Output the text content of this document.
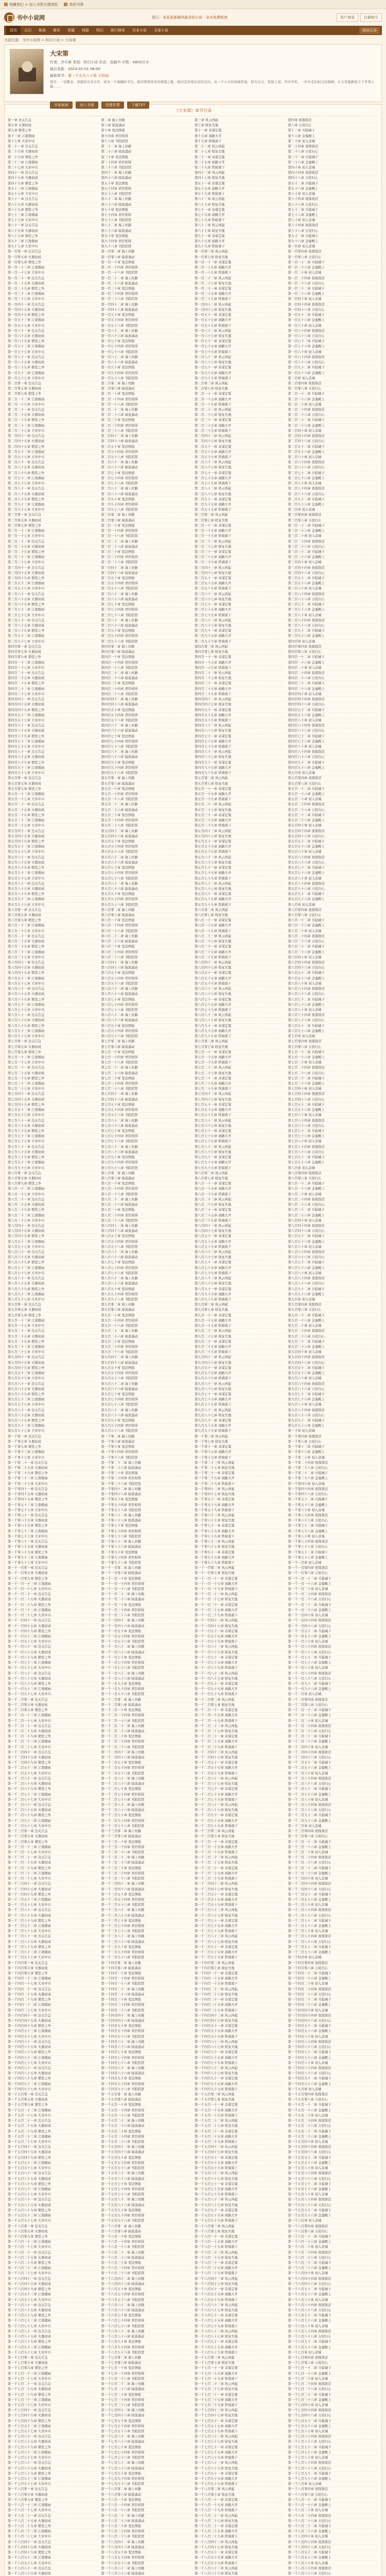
收藏我们 + 加入书签方便浏览	我的书架
书中小说网	提示：本站更新最快最全的小说 · 全本免费阅读	用户登录	注册账号
首页	玄幻	修真	都市	穿越	网游	科幻	排行榜单	完本小说	全部小说	阅读记录
当前位置：书中小说网 > 科幻小说 > 大宋第
大宋第
作者：冷月寒 类别：科幻小说 状态：连载中 字数：4803万字
最后更新：2024-01-01 08:00
最新章节：第一千五百八十章 大结局
简介：一觉醒来，穿越到北宋末年，成为一个落魄的书生。面对即将到来的靖康之耻，他决定改变历史的走向。从一个小小的县城开始，招兵买马，发展工商，开办学堂，一步步走向权力的巅峰，让大宋重新屹立于世界之巅……
开始阅读	加入书架	投推荐票	下载TXT
《大宋第》章节目录
第一章 边关告急	第二章 海上丝路	第三章 风云再起	第四章 夜探敌营
第五章 火器初成	第六章 暗流涌动	第七章 收复失地	第八章 万民归心
第九章 朝堂之争	第十章 变法图强	第十一章 奇谋定策	第十二章 兵临城下
第十三章 江南烟雨	第十四章 君臣相得	第十五章 商路大开	第十六章 金銮殿上
第十七章 大宋中兴	第十八章 书院招贤	第十九章 铁骑南下	第二十章 初入京城
第二十一章 边关告急	第二十二章 海上丝路	第二十三章 风云再起	第二十四章 夜探敌营
第二十五章 火器初成	第二十六章 暗流涌动	第二十七章 收复失地	第二十八章 万民归心
第二十九章 朝堂之争	第三十章 变法图强	第三十一章 奇谋定策	第三十二章 兵临城下
第三十三章 江南烟雨	第三十四章 君臣相得	第三十五章 商路大开	第三十六章 金銮殿上
第三十七章 大宋中兴	第三十八章 书院招贤	第三十九章 铁骑南下	第四十章 初入京城
第四十一章 边关告急	第四十二章 海上丝路	第四十三章 风云再起	第四十四章 夜探敌营
第四十五章 火器初成	第四十六章 暗流涌动	第四十七章 收复失地	第四十八章 万民归心
第四十九章 朝堂之争	第五十章 变法图强	第五十一章 奇谋定策	第五十二章 兵临城下
第五十三章 江南烟雨	第五十四章 君臣相得	第五十五章 商路大开	第五十六章 金銮殿上
第五十七章 大宋中兴	第五十八章 书院招贤	第五十九章 铁骑南下	第六十章 初入京城
第六十一章 边关告急	第六十二章 海上丝路	第六十三章 风云再起	第六十四章 夜探敌营
第六十五章 火器初成	第六十六章 暗流涌动	第六十七章 收复失地	第六十八章 万民归心
第六十九章 朝堂之争	第七十章 变法图强	第七十一章 奇谋定策	第七十二章 兵临城下
第七十三章 江南烟雨	第七十四章 君臣相得	第七十五章 商路大开	第七十六章 金銮殿上
第七十七章 大宋中兴	第七十八章 书院招贤	第七十九章 铁骑南下	第八十章 初入京城
第八十一章 边关告急	第八十二章 海上丝路	第八十三章 风云再起	第八十四章 夜探敌营
第八十五章 火器初成	第八十六章 暗流涌动	第八十七章 收复失地	第八十八章 万民归心
第八十九章 朝堂之争	第九十章 变法图强	第九十一章 奇谋定策	第九十二章 兵临城下
第九十三章 江南烟雨	第九十四章 君臣相得	第九十五章 商路大开	第九十六章 金銮殿上
第九十七章 大宋中兴	第九十八章 书院招贤	第九十九章 铁骑南下	第一百章 初入京城
第一百零一章 边关告急	第一百零二章 海上丝路	第一百零三章 风云再起	第一百零四章 夜探敌营
第一百零五章 火器初成	第一百零六章 暗流涌动	第一百零七章 收复失地	第一百零八章 万民归心
第一百零九章 朝堂之争	第一百一十章 变法图强	第一百一十一章 奇谋定策	第一百一十二章 兵临城下
第一百一十三章 江南烟雨	第一百一十四章 君臣相得	第一百一十五章 商路大开	第一百一十六章 金銮殿上
第一百一十七章 大宋中兴	第一百一十八章 书院招贤	第一百一十九章 铁骑南下	第一百二十章 初入京城
第一百二十一章 边关告急	第一百二十二章 海上丝路	第一百二十三章 风云再起	第一百二十四章 夜探敌营
第一百二十五章 火器初成	第一百二十六章 暗流涌动	第一百二十七章 收复失地	第一百二十八章 万民归心
第一百二十九章 朝堂之争	第一百三十章 变法图强	第一百三十一章 奇谋定策	第一百三十二章 兵临城下
第一百三十三章 江南烟雨	第一百三十四章 君臣相得	第一百三十五章 商路大开	第一百三十六章 金銮殿上
第一百三十七章 大宋中兴	第一百三十八章 书院招贤	第一百三十九章 铁骑南下	第一百四十章 初入京城
第一百四十一章 边关告急	第一百四十二章 海上丝路	第一百四十三章 风云再起	第一百四十四章 夜探敌营
第一百四十五章 火器初成	第一百四十六章 暗流涌动	第一百四十七章 收复失地	第一百四十八章 万民归心
第一百四十九章 朝堂之争	第一百五十章 变法图强	第一百五十一章 奇谋定策	第一百五十二章 兵临城下
第一百五十三章 江南烟雨	第一百五十四章 君臣相得	第一百五十五章 商路大开	第一百五十六章 金銮殿上
第一百五十七章 大宋中兴	第一百五十八章 书院招贤	第一百五十九章 铁骑南下	第一百六十章 初入京城
第一百六十一章 边关告急	第一百六十二章 海上丝路	第一百六十三章 风云再起	第一百六十四章 夜探敌营
第一百六十五章 火器初成	第一百六十六章 暗流涌动	第一百六十七章 收复失地	第一百六十八章 万民归心
第一百六十九章 朝堂之争	第一百七十章 变法图强	第一百七十一章 奇谋定策	第一百七十二章 兵临城下
第一百七十三章 江南烟雨	第一百七十四章 君臣相得	第一百七十五章 商路大开	第一百七十六章 金銮殿上
第一百七十七章 大宋中兴	第一百七十八章 书院招贤	第一百七十九章 铁骑南下	第一百八十章 初入京城
第一百八十一章 边关告急	第一百八十二章 海上丝路	第一百八十三章 风云再起	第一百八十四章 夜探敌营
第一百八十五章 火器初成	第一百八十六章 暗流涌动	第一百八十七章 收复失地	第一百八十八章 万民归心
第一百八十九章 朝堂之争	第一百九十章 变法图强	第一百九十一章 奇谋定策	第一百九十二章 兵临城下
第一百九十三章 江南烟雨	第一百九十四章 君臣相得	第一百九十五章 商路大开	第一百九十六章 金銮殿上
第一百九十七章 大宋中兴	第一百九十八章 书院招贤	第一百九十九章 铁骑南下	第二百章 初入京城
第二百零一章 边关告急	第二百零二章 海上丝路	第二百零三章 风云再起	第二百零四章 夜探敌营
第二百零五章 火器初成	第二百零六章 暗流涌动	第二百零七章 收复失地	第二百零八章 万民归心
第二百零九章 朝堂之争	第二百一十章 变法图强	第二百一十一章 奇谋定策	第二百一十二章 兵临城下
第二百一十三章 江南烟雨	第二百一十四章 君臣相得	第二百一十五章 商路大开	第二百一十六章 金銮殿上
第二百一十七章 大宋中兴	第二百一十八章 书院招贤	第二百一十九章 铁骑南下	第二百二十章 初入京城
第二百二十一章 边关告急	第二百二十二章 海上丝路	第二百二十三章 风云再起	第二百二十四章 夜探敌营
第二百二十五章 火器初成	第二百二十六章 暗流涌动	第二百二十七章 收复失地	第二百二十八章 万民归心
第二百二十九章 朝堂之争	第二百三十章 变法图强	第二百三十一章 奇谋定策	第二百三十二章 兵临城下
第二百三十三章 江南烟雨	第二百三十四章 君臣相得	第二百三十五章 商路大开	第二百三十六章 金銮殿上
第二百三十七章 大宋中兴	第二百三十八章 书院招贤	第二百三十九章 铁骑南下	第二百四十章 初入京城
第二百四十一章 边关告急	第二百四十二章 海上丝路	第二百四十三章 风云再起	第二百四十四章 夜探敌营
第二百四十五章 火器初成	第二百四十六章 暗流涌动	第二百四十七章 收复失地	第二百四十八章 万民归心
第二百四十九章 朝堂之争	第二百五十章 变法图强	第二百五十一章 奇谋定策	第二百五十二章 兵临城下
第二百五十三章 江南烟雨	第二百五十四章 君臣相得	第二百五十五章 商路大开	第二百五十六章 金銮殿上
第二百五十七章 大宋中兴	第二百五十八章 书院招贤	第二百五十九章 铁骑南下	第二百六十章 初入京城
第二百六十一章 边关告急	第二百六十二章 海上丝路	第二百六十三章 风云再起	第二百六十四章 夜探敌营
第二百六十五章 火器初成	第二百六十六章 暗流涌动	第二百六十七章 收复失地	第二百六十八章 万民归心
第二百六十九章 朝堂之争	第二百七十章 变法图强	第二百七十一章 奇谋定策	第二百七十二章 兵临城下
第二百七十三章 江南烟雨	第二百七十四章 君臣相得	第二百七十五章 商路大开	第二百七十六章 金銮殿上
第二百七十七章 大宋中兴	第二百七十八章 书院招贤	第二百七十九章 铁骑南下	第二百八十章 初入京城
第二百八十一章 边关告急	第二百八十二章 海上丝路	第二百八十三章 风云再起	第二百八十四章 夜探敌营
第二百八十五章 火器初成	第二百八十六章 暗流涌动	第二百八十七章 收复失地	第二百八十八章 万民归心
第二百八十九章 朝堂之争	第二百九十章 变法图强	第二百九十一章 奇谋定策	第二百九十二章 兵临城下
第二百九十三章 江南烟雨	第二百九十四章 君臣相得	第二百九十五章 商路大开	第二百九十六章 金銮殿上
第二百九十七章 大宋中兴	第二百九十八章 书院招贤	第二百九十九章 铁骑南下	第三百章 初入京城
第三百零一章 边关告急	第三百零二章 海上丝路	第三百零三章 风云再起	第三百零四章 夜探敌营
第三百零五章 火器初成	第三百零六章 暗流涌动	第三百零七章 收复失地	第三百零八章 万民归心
第三百零九章 朝堂之争	第三百一十章 变法图强	第三百一十一章 奇谋定策	第三百一十二章 兵临城下
第三百一十三章 江南烟雨	第三百一十四章 君臣相得	第三百一十五章 商路大开	第三百一十六章 金銮殿上
第三百一十七章 大宋中兴	第三百一十八章 书院招贤	第三百一十九章 铁骑南下	第三百二十章 初入京城
第三百二十一章 边关告急	第三百二十二章 海上丝路	第三百二十三章 风云再起	第三百二十四章 夜探敌营
第三百二十五章 火器初成	第三百二十六章 暗流涌动	第三百二十七章 收复失地	第三百二十八章 万民归心
第三百二十九章 朝堂之争	第三百三十章 变法图强	第三百三十一章 奇谋定策	第三百三十二章 兵临城下
第三百三十三章 江南烟雨	第三百三十四章 君臣相得	第三百三十五章 商路大开	第三百三十六章 金銮殿上
第三百三十七章 大宋中兴	第三百三十八章 书院招贤	第三百三十九章 铁骑南下	第三百四十章 初入京城
第三百四十一章 边关告急	第三百四十二章 海上丝路	第三百四十三章 风云再起	第三百四十四章 夜探敌营
第三百四十五章 火器初成	第三百四十六章 暗流涌动	第三百四十七章 收复失地	第三百四十八章 万民归心
第三百四十九章 朝堂之争	第三百五十章 变法图强	第三百五十一章 奇谋定策	第三百五十二章 兵临城下
第三百五十三章 江南烟雨	第三百五十四章 君臣相得	第三百五十五章 商路大开	第三百五十六章 金銮殿上
第三百五十七章 大宋中兴	第三百五十八章 书院招贤	第三百五十九章 铁骑南下	第三百六十章 初入京城
第三百六十一章 边关告急	第三百六十二章 海上丝路	第三百六十三章 风云再起	第三百六十四章 夜探敌营
第三百六十五章 火器初成	第三百六十六章 暗流涌动	第三百六十七章 收复失地	第三百六十八章 万民归心
第三百六十九章 朝堂之争	第三百七十章 变法图强	第三百七十一章 奇谋定策	第三百七十二章 兵临城下
第三百七十三章 江南烟雨	第三百七十四章 君臣相得	第三百七十五章 商路大开	第三百七十六章 金銮殿上
第三百七十七章 大宋中兴	第三百七十八章 书院招贤	第三百七十九章 铁骑南下	第三百八十章 初入京城
第三百八十一章 边关告急	第三百八十二章 海上丝路	第三百八十三章 风云再起	第三百八十四章 夜探敌营
第三百八十五章 火器初成	第三百八十六章 暗流涌动	第三百八十七章 收复失地	第三百八十八章 万民归心
第三百八十九章 朝堂之争	第三百九十章 变法图强	第三百九十一章 奇谋定策	第三百九十二章 兵临城下
第三百九十三章 江南烟雨	第三百九十四章 君臣相得	第三百九十五章 商路大开	第三百九十六章 金銮殿上
第三百九十七章 大宋中兴	第三百九十八章 书院招贤	第三百九十九章 铁骑南下	第四百章 初入京城
第四百零一章 边关告急	第四百零二章 海上丝路	第四百零三章 风云再起	第四百零四章 夜探敌营
第四百零五章 火器初成	第四百零六章 暗流涌动	第四百零七章 收复失地	第四百零八章 万民归心
第四百零九章 朝堂之争	第四百一十章 变法图强	第四百一十一章 奇谋定策	第四百一十二章 兵临城下
第四百一十三章 江南烟雨	第四百一十四章 君臣相得	第四百一十五章 商路大开	第四百一十六章 金銮殿上
第四百一十七章 大宋中兴	第四百一十八章 书院招贤	第四百一十九章 铁骑南下	第四百二十章 初入京城
第四百二十一章 边关告急	第四百二十二章 海上丝路	第四百二十三章 风云再起	第四百二十四章 夜探敌营
第四百二十五章 火器初成	第四百二十六章 暗流涌动	第四百二十七章 收复失地	第四百二十八章 万民归心
第四百二十九章 朝堂之争	第四百三十章 变法图强	第四百三十一章 奇谋定策	第四百三十二章 兵临城下
第四百三十三章 江南烟雨	第四百三十四章 君臣相得	第四百三十五章 商路大开	第四百三十六章 金銮殿上
第四百三十七章 大宋中兴	第四百三十八章 书院招贤	第四百三十九章 铁骑南下	第四百四十章 初入京城
第四百四十一章 边关告急	第四百四十二章 海上丝路	第四百四十三章 风云再起	第四百四十四章 夜探敌营
第四百四十五章 火器初成	第四百四十六章 暗流涌动	第四百四十七章 收复失地	第四百四十八章 万民归心
第四百四十九章 朝堂之争	第四百五十章 变法图强	第四百五十一章 奇谋定策	第四百五十二章 兵临城下
第四百五十三章 江南烟雨	第四百五十四章 君臣相得	第四百五十五章 商路大开	第四百五十六章 金銮殿上
第四百五十七章 大宋中兴	第四百五十八章 书院招贤	第四百五十九章 铁骑南下	第四百六十章 初入京城
第四百六十一章 边关告急	第四百六十二章 海上丝路	第四百六十三章 风云再起	第四百六十四章 夜探敌营
第四百六十五章 火器初成	第四百六十六章 暗流涌动	第四百六十七章 收复失地	第四百六十八章 万民归心
第四百六十九章 朝堂之争	第四百七十章 变法图强	第四百七十一章 奇谋定策	第四百七十二章 兵临城下
第四百七十三章 江南烟雨	第四百七十四章 君臣相得	第四百七十五章 商路大开	第四百七十六章 金銮殿上
第四百七十七章 大宋中兴	第四百七十八章 书院招贤	第四百七十九章 铁骑南下	第四百八十章 初入京城
第四百八十一章 边关告急	第四百八十二章 海上丝路	第四百八十三章 风云再起	第四百八十四章 夜探敌营
第四百八十五章 火器初成	第四百八十六章 暗流涌动	第四百八十七章 收复失地	第四百八十八章 万民归心
第四百八十九章 朝堂之争	第四百九十章 变法图强	第四百九十一章 奇谋定策	第四百九十二章 兵临城下
第四百九十三章 江南烟雨	第四百九十四章 君臣相得	第四百九十五章 商路大开	第四百九十六章 金銮殿上
第四百九十七章 大宋中兴	第四百九十八章 书院招贤	第四百九十九章 铁骑南下	第五百章 初入京城
第五百零一章 边关告急	第五百零二章 海上丝路	第五百零三章 风云再起	第五百零四章 夜探敌营
第五百零五章 火器初成	第五百零六章 暗流涌动	第五百零七章 收复失地	第五百零八章 万民归心
第五百零九章 朝堂之争	第五百一十章 变法图强	第五百一十一章 奇谋定策	第五百一十二章 兵临城下
第五百一十三章 江南烟雨	第五百一十四章 君臣相得	第五百一十五章 商路大开	第五百一十六章 金銮殿上
第五百一十七章 大宋中兴	第五百一十八章 书院招贤	第五百一十九章 铁骑南下	第五百二十章 初入京城
第五百二十一章 边关告急	第五百二十二章 海上丝路	第五百二十三章 风云再起	第五百二十四章 夜探敌营
第五百二十五章 火器初成	第五百二十六章 暗流涌动	第五百二十七章 收复失地	第五百二十八章 万民归心
第五百二十九章 朝堂之争	第五百三十章 变法图强	第五百三十一章 奇谋定策	第五百三十二章 兵临城下
第五百三十三章 江南烟雨	第五百三十四章 君臣相得	第五百三十五章 商路大开	第五百三十六章 金銮殿上
第五百三十七章 大宋中兴	第五百三十八章 书院招贤	第五百三十九章 铁骑南下	第五百四十章 初入京城
第五百四十一章 边关告急	第五百四十二章 海上丝路	第五百四十三章 风云再起	第五百四十四章 夜探敌营
第五百四十五章 火器初成	第五百四十六章 暗流涌动	第五百四十七章 收复失地	第五百四十八章 万民归心
第五百四十九章 朝堂之争	第五百五十章 变法图强	第五百五十一章 奇谋定策	第五百五十二章 兵临城下
第五百五十三章 江南烟雨	第五百五十四章 君臣相得	第五百五十五章 商路大开	第五百五十六章 金銮殿上
第五百五十七章 大宋中兴	第五百五十八章 书院招贤	第五百五十九章 铁骑南下	第五百六十章 初入京城
第五百六十一章 边关告急	第五百六十二章 海上丝路	第五百六十三章 风云再起	第五百六十四章 夜探敌营
第五百六十五章 火器初成	第五百六十六章 暗流涌动	第五百六十七章 收复失地	第五百六十八章 万民归心
第五百六十九章 朝堂之争	第五百七十章 变法图强	第五百七十一章 奇谋定策	第五百七十二章 兵临城下
第五百七十三章 江南烟雨	第五百七十四章 君臣相得	第五百七十五章 商路大开	第五百七十六章 金銮殿上
第五百七十七章 大宋中兴	第五百七十八章 书院招贤	第五百七十九章 铁骑南下	第五百八十章 初入京城
第五百八十一章 边关告急	第五百八十二章 海上丝路	第五百八十三章 风云再起	第五百八十四章 夜探敌营
第五百八十五章 火器初成	第五百八十六章 暗流涌动	第五百八十七章 收复失地	第五百八十八章 万民归心
第五百八十九章 朝堂之争	第五百九十章 变法图强	第五百九十一章 奇谋定策	第五百九十二章 兵临城下
第五百九十三章 江南烟雨	第五百九十四章 君臣相得	第五百九十五章 商路大开	第五百九十六章 金銮殿上
第五百九十七章 大宋中兴	第五百九十八章 书院招贤	第五百九十九章 铁骑南下	第六百章 初入京城
第六百零一章 边关告急	第六百零二章 海上丝路	第六百零三章 风云再起	第六百零四章 夜探敌营
第六百零五章 火器初成	第六百零六章 暗流涌动	第六百零七章 收复失地	第六百零八章 万民归心
第六百零九章 朝堂之争	第六百一十章 变法图强	第六百一十一章 奇谋定策	第六百一十二章 兵临城下
第六百一十三章 江南烟雨	第六百一十四章 君臣相得	第六百一十五章 商路大开	第六百一十六章 金銮殿上
第六百一十七章 大宋中兴	第六百一十八章 书院招贤	第六百一十九章 铁骑南下	第六百二十章 初入京城
第六百二十一章 边关告急	第六百二十二章 海上丝路	第六百二十三章 风云再起	第六百二十四章 夜探敌营
第六百二十五章 火器初成	第六百二十六章 暗流涌动	第六百二十七章 收复失地	第六百二十八章 万民归心
第六百二十九章 朝堂之争	第六百三十章 变法图强	第六百三十一章 奇谋定策	第六百三十二章 兵临城下
第六百三十三章 江南烟雨	第六百三十四章 君臣相得	第六百三十五章 商路大开	第六百三十六章 金銮殿上
第六百三十七章 大宋中兴	第六百三十八章 书院招贤	第六百三十九章 铁骑南下	第六百四十章 初入京城
第六百四十一章 边关告急	第六百四十二章 海上丝路	第六百四十三章 风云再起	第六百四十四章 夜探敌营
第六百四十五章 火器初成	第六百四十六章 暗流涌动	第六百四十七章 收复失地	第六百四十八章 万民归心
第六百四十九章 朝堂之争	第六百五十章 变法图强	第六百五十一章 奇谋定策	第六百五十二章 兵临城下
第六百五十三章 江南烟雨	第六百五十四章 君臣相得	第六百五十五章 商路大开	第六百五十六章 金銮殿上
第六百五十七章 大宋中兴	第六百五十八章 书院招贤	第六百五十九章 铁骑南下	第六百六十章 初入京城
第六百六十一章 边关告急	第六百六十二章 海上丝路	第六百六十三章 风云再起	第六百六十四章 夜探敌营
第六百六十五章 火器初成	第六百六十六章 暗流涌动	第六百六十七章 收复失地	第六百六十八章 万民归心
第六百六十九章 朝堂之争	第六百七十章 变法图强	第六百七十一章 奇谋定策	第六百七十二章 兵临城下
第六百七十三章 江南烟雨	第六百七十四章 君臣相得	第六百七十五章 商路大开	第六百七十六章 金銮殿上
第六百七十七章 大宋中兴	第六百七十八章 书院招贤	第六百七十九章 铁骑南下	第六百八十章 初入京城
第六百八十一章 边关告急	第六百八十二章 海上丝路	第六百八十三章 风云再起	第六百八十四章 夜探敌营
第六百八十五章 火器初成	第六百八十六章 暗流涌动	第六百八十七章 收复失地	第六百八十八章 万民归心
第六百八十九章 朝堂之争	第六百九十章 变法图强	第六百九十一章 奇谋定策	第六百九十二章 兵临城下
第六百九十三章 江南烟雨	第六百九十四章 君臣相得	第六百九十五章 商路大开	第六百九十六章 金銮殿上
第六百九十七章 大宋中兴	第六百九十八章 书院招贤	第六百九十九章 铁骑南下	第七百章 初入京城
第七百零一章 边关告急	第七百零二章 海上丝路	第七百零三章 风云再起	第七百零四章 夜探敌营
第七百零五章 火器初成	第七百零六章 暗流涌动	第七百零七章 收复失地	第七百零八章 万民归心
第七百零九章 朝堂之争	第七百一十章 变法图强	第七百一十一章 奇谋定策	第七百一十二章 兵临城下
第七百一十三章 江南烟雨	第七百一十四章 君臣相得	第七百一十五章 商路大开	第七百一十六章 金銮殿上
第七百一十七章 大宋中兴	第七百一十八章 书院招贤	第七百一十九章 铁骑南下	第七百二十章 初入京城
第七百二十一章 边关告急	第七百二十二章 海上丝路	第七百二十三章 风云再起	第七百二十四章 夜探敌营
第七百二十五章 火器初成	第七百二十六章 暗流涌动	第七百二十七章 收复失地	第七百二十八章 万民归心
第七百二十九章 朝堂之争	第七百三十章 变法图强	第七百三十一章 奇谋定策	第七百三十二章 兵临城下
第七百三十三章 江南烟雨	第七百三十四章 君臣相得	第七百三十五章 商路大开	第七百三十六章 金銮殿上
第七百三十七章 大宋中兴	第七百三十八章 书院招贤	第七百三十九章 铁骑南下	第七百四十章 初入京城
第七百四十一章 边关告急	第七百四十二章 海上丝路	第七百四十三章 风云再起	第七百四十四章 夜探敌营
第七百四十五章 火器初成	第七百四十六章 暗流涌动	第七百四十七章 收复失地	第七百四十八章 万民归心
第七百四十九章 朝堂之争	第七百五十章 变法图强	第七百五十一章 奇谋定策	第七百五十二章 兵临城下
第七百五十三章 江南烟雨	第七百五十四章 君臣相得	第七百五十五章 商路大开	第七百五十六章 金銮殿上
第七百五十七章 大宋中兴	第七百五十八章 书院招贤	第七百五十九章 铁骑南下	第七百六十章 初入京城
第七百六十一章 边关告急	第七百六十二章 海上丝路	第七百六十三章 风云再起	第七百六十四章 夜探敌营
第七百六十五章 火器初成	第七百六十六章 暗流涌动	第七百六十七章 收复失地	第七百六十八章 万民归心
第七百六十九章 朝堂之争	第七百七十章 变法图强	第七百七十一章 奇谋定策	第七百七十二章 兵临城下
第七百七十三章 江南烟雨	第七百七十四章 君臣相得	第七百七十五章 商路大开	第七百七十六章 金銮殿上
第七百七十七章 大宋中兴	第七百七十八章 书院招贤	第七百七十九章 铁骑南下	第七百八十章 初入京城
第七百八十一章 边关告急	第七百八十二章 海上丝路	第七百八十三章 风云再起	第七百八十四章 夜探敌营
第七百八十五章 火器初成	第七百八十六章 暗流涌动	第七百八十七章 收复失地	第七百八十八章 万民归心
第七百八十九章 朝堂之争	第七百九十章 变法图强	第七百九十一章 奇谋定策	第七百九十二章 兵临城下
第七百九十三章 江南烟雨	第七百九十四章 君臣相得	第七百九十五章 商路大开	第七百九十六章 金銮殿上
第七百九十七章 大宋中兴	第七百九十八章 书院招贤	第七百九十九章 铁骑南下	第八百章 初入京城
第八百零一章 边关告急	第八百零二章 海上丝路	第八百零三章 风云再起	第八百零四章 夜探敌营
第八百零五章 火器初成	第八百零六章 暗流涌动	第八百零七章 收复失地	第八百零八章 万民归心
第八百零九章 朝堂之争	第八百一十章 变法图强	第八百一十一章 奇谋定策	第八百一十二章 兵临城下
第八百一十三章 江南烟雨	第八百一十四章 君臣相得	第八百一十五章 商路大开	第八百一十六章 金銮殿上
第八百一十七章 大宋中兴	第八百一十八章 书院招贤	第八百一十九章 铁骑南下	第八百二十章 初入京城
第八百二十一章 边关告急	第八百二十二章 海上丝路	第八百二十三章 风云再起	第八百二十四章 夜探敌营
第八百二十五章 火器初成	第八百二十六章 暗流涌动	第八百二十七章 收复失地	第八百二十八章 万民归心
第八百二十九章 朝堂之争	第八百三十章 变法图强	第八百三十一章 奇谋定策	第八百三十二章 兵临城下
第八百三十三章 江南烟雨	第八百三十四章 君臣相得	第八百三十五章 商路大开	第八百三十六章 金銮殿上
第八百三十七章 大宋中兴	第八百三十八章 书院招贤	第八百三十九章 铁骑南下	第八百四十章 初入京城
第八百四十一章 边关告急	第八百四十二章 海上丝路	第八百四十三章 风云再起	第八百四十四章 夜探敌营
第八百四十五章 火器初成	第八百四十六章 暗流涌动	第八百四十七章 收复失地	第八百四十八章 万民归心
第八百四十九章 朝堂之争	第八百五十章 变法图强	第八百五十一章 奇谋定策	第八百五十二章 兵临城下
第八百五十三章 江南烟雨	第八百五十四章 君臣相得	第八百五十五章 商路大开	第八百五十六章 金銮殿上
第八百五十七章 大宋中兴	第八百五十八章 书院招贤	第八百五十九章 铁骑南下	第八百六十章 初入京城
第八百六十一章 边关告急	第八百六十二章 海上丝路	第八百六十三章 风云再起	第八百六十四章 夜探敌营
第八百六十五章 火器初成	第八百六十六章 暗流涌动	第八百六十七章 收复失地	第八百六十八章 万民归心
第八百六十九章 朝堂之争	第八百七十章 变法图强	第八百七十一章 奇谋定策	第八百七十二章 兵临城下
第八百七十三章 江南烟雨	第八百七十四章 君臣相得	第八百七十五章 商路大开	第八百七十六章 金銮殿上
第八百七十七章 大宋中兴	第八百七十八章 书院招贤	第八百七十九章 铁骑南下	第八百八十章 初入京城
第八百八十一章 边关告急	第八百八十二章 海上丝路	第八百八十三章 风云再起	第八百八十四章 夜探敌营
第八百八十五章 火器初成	第八百八十六章 暗流涌动	第八百八十七章 收复失地	第八百八十八章 万民归心
第八百八十九章 朝堂之争	第八百九十章 变法图强	第八百九十一章 奇谋定策	第八百九十二章 兵临城下
第八百九十三章 江南烟雨	第八百九十四章 君臣相得	第八百九十五章 商路大开	第八百九十六章 金銮殿上
第八百九十七章 大宋中兴	第八百九十八章 书院招贤	第八百九十九章 铁骑南下	第九百章 初入京城
第九百零一章 边关告急	第九百零二章 海上丝路	第九百零三章 风云再起	第九百零四章 夜探敌营
第九百零五章 火器初成	第九百零六章 暗流涌动	第九百零七章 收复失地	第九百零八章 万民归心
第九百零九章 朝堂之争	第九百一十章 变法图强	第九百一十一章 奇谋定策	第九百一十二章 兵临城下
第九百一十三章 江南烟雨	第九百一十四章 君臣相得	第九百一十五章 商路大开	第九百一十六章 金銮殿上
第九百一十七章 大宋中兴	第九百一十八章 书院招贤	第九百一十九章 铁骑南下	第九百二十章 初入京城
第九百二十一章 边关告急	第九百二十二章 海上丝路	第九百二十三章 风云再起	第九百二十四章 夜探敌营
第九百二十五章 火器初成	第九百二十六章 暗流涌动	第九百二十七章 收复失地	第九百二十八章 万民归心
第九百二十九章 朝堂之争	第九百三十章 变法图强	第九百三十一章 奇谋定策	第九百三十二章 兵临城下
第九百三十三章 江南烟雨	第九百三十四章 君臣相得	第九百三十五章 商路大开	第九百三十六章 金銮殿上
第九百三十七章 大宋中兴	第九百三十八章 书院招贤	第九百三十九章 铁骑南下	第九百四十章 初入京城
第九百四十一章 边关告急	第九百四十二章 海上丝路	第九百四十三章 风云再起	第九百四十四章 夜探敌营
第九百四十五章 火器初成	第九百四十六章 暗流涌动	第九百四十七章 收复失地	第九百四十八章 万民归心
第九百四十九章 朝堂之争	第九百五十章 变法图强	第九百五十一章 奇谋定策	第九百五十二章 兵临城下
第九百五十三章 江南烟雨	第九百五十四章 君臣相得	第九百五十五章 商路大开	第九百五十六章 金銮殿上
第九百五十七章 大宋中兴	第九百五十八章 书院招贤	第九百五十九章 铁骑南下	第九百六十章 初入京城
第九百六十一章 边关告急	第九百六十二章 海上丝路	第九百六十三章 风云再起	第九百六十四章 夜探敌营
第九百六十五章 火器初成	第九百六十六章 暗流涌动	第九百六十七章 收复失地	第九百六十八章 万民归心
第九百六十九章 朝堂之争	第九百七十章 变法图强	第九百七十一章 奇谋定策	第九百七十二章 兵临城下
第九百七十三章 江南烟雨	第九百七十四章 君臣相得	第九百七十五章 商路大开	第九百七十六章 金銮殿上
第九百七十七章 大宋中兴	第九百七十八章 书院招贤	第九百七十九章 铁骑南下	第九百八十章 初入京城
第九百八十一章 边关告急	第九百八十二章 海上丝路	第九百八十三章 风云再起	第九百八十四章 夜探敌营
第九百八十五章 火器初成	第九百八十六章 暗流涌动	第九百八十七章 收复失地	第九百八十八章 万民归心
第九百八十九章 朝堂之争	第九百九十章 变法图强	第九百九十一章 奇谋定策	第九百九十二章 兵临城下
第九百九十三章 江南烟雨	第九百九十四章 君臣相得	第九百九十五章 商路大开	第九百九十六章 金銮殿上
第九百九十七章 大宋中兴	第九百九十八章 书院招贤	第九百九十九章 铁骑南下	第一千章 初入京城
第一千零一章 边关告急	第一千零二章 海上丝路	第一千零三章 风云再起	第一千零四章 夜探敌营
第一千零五章 火器初成	第一千零六章 暗流涌动	第一千零七章 收复失地	第一千零八章 万民归心
第一千零九章 朝堂之争	第一千零十章 变法图强	第一千零十一章 奇谋定策	第一千零十二章 兵临城下
第一千零十三章 江南烟雨	第一千零十四章 君臣相得	第一千零十五章 商路大开	第一千零十六章 金銮殿上
第一千零十七章 大宋中兴	第一千零十八章 书院招贤	第一千零十九章 铁骑南下	第一千零二十章 初入京城
第一千零二十一章 边关告急	第一千零二十二章 海上丝路	第一千零二十三章 风云再起	第一千零二十四章 夜探敌营
第一千零二十五章 火器初成	第一千零二十六章 暗流涌动	第一千零二十七章 收复失地	第一千零二十八章 万民归心
第一千零二十九章 朝堂之争	第一千零三十章 变法图强	第一千零三十一章 奇谋定策	第一千零三十二章 兵临城下
第一千零三十三章 江南烟雨	第一千零三十四章 君臣相得	第一千零三十五章 商路大开	第一千零三十六章 金銮殿上
第一千零三十七章 大宋中兴	第一千零三十八章 书院招贤	第一千零三十九章 铁骑南下	第一千零四十章 初入京城
第一千零四十一章 边关告急	第一千零四十二章 海上丝路	第一千零四十三章 风云再起	第一千零四十四章 夜探敌营
第一千零四十五章 火器初成	第一千零四十六章 暗流涌动	第一千零四十七章 收复失地	第一千零四十八章 万民归心
第一千零四十九章 朝堂之争	第一千零五十章 变法图强	第一千零五十一章 奇谋定策	第一千零五十二章 兵临城下
第一千零五十三章 江南烟雨	第一千零五十四章 君臣相得	第一千零五十五章 商路大开	第一千零五十六章 金銮殿上
第一千零五十七章 大宋中兴	第一千零五十八章 书院招贤	第一千零五十九章 铁骑南下	第一千零六十章 初入京城
第一千零六十一章 边关告急	第一千零六十二章 海上丝路	第一千零六十三章 风云再起	第一千零六十四章 夜探敌营
第一千零六十五章 火器初成	第一千零六十六章 暗流涌动	第一千零六十七章 收复失地	第一千零六十八章 万民归心
第一千零六十九章 朝堂之争	第一千零七十章 变法图强	第一千零七十一章 奇谋定策	第一千零七十二章 兵临城下
第一千零七十三章 江南烟雨	第一千零七十四章 君臣相得	第一千零七十五章 商路大开	第一千零七十六章 金銮殿上
第一千零七十七章 大宋中兴	第一千零七十八章 书院招贤	第一千零七十九章 铁骑南下	第一千零八十章 初入京城
第一千零八十一章 边关告急	第一千零八十二章 海上丝路	第一千零八十三章 风云再起	第一千零八十四章 夜探敌营
第一千零八十五章 火器初成	第一千零八十六章 暗流涌动	第一千零八十七章 收复失地	第一千零八十八章 万民归心
第一千零八十九章 朝堂之争	第一千零九十章 变法图强	第一千零九十一章 奇谋定策	第一千零九十二章 兵临城下
第一千零九十三章 江南烟雨	第一千零九十四章 君臣相得	第一千零九十五章 商路大开	第一千零九十六章 金銮殿上
第一千零九十七章 大宋中兴	第一千零九十八章 书院招贤	第一千零九十九章 铁骑南下	第一千一百章 初入京城
第一千一百零一章 边关告急	第一千一百零二章 海上丝路	第一千一百零三章 风云再起	第一千一百零四章 夜探敌营
第一千一百零五章 火器初成	第一千一百零六章 暗流涌动	第一千一百零七章 收复失地	第一千一百零八章 万民归心
第一千一百零九章 朝堂之争	第一千一百一十章 变法图强	第一千一百一十一章 奇谋定策	第一千一百一十二章 兵临城下
第一千一百一十三章 江南烟雨	第一千一百一十四章 君臣相得	第一千一百一十五章 商路大开	第一千一百一十六章 金銮殿上
第一千一百一十七章 大宋中兴	第一千一百一十八章 书院招贤	第一千一百一十九章 铁骑南下	第一千一百二十章 初入京城
第一千一百二十一章 边关告急	第一千一百二十二章 海上丝路	第一千一百二十三章 风云再起	第一千一百二十四章 夜探敌营
第一千一百二十五章 火器初成	第一千一百二十六章 暗流涌动	第一千一百二十七章 收复失地	第一千一百二十八章 万民归心
第一千一百二十九章 朝堂之争	第一千一百三十章 变法图强	第一千一百三十一章 奇谋定策	第一千一百三十二章 兵临城下
第一千一百三十三章 江南烟雨	第一千一百三十四章 君臣相得	第一千一百三十五章 商路大开	第一千一百三十六章 金銮殿上
第一千一百三十七章 大宋中兴	第一千一百三十八章 书院招贤	第一千一百三十九章 铁骑南下	第一千一百四十章 初入京城
第一千一百四十一章 边关告急	第一千一百四十二章 海上丝路	第一千一百四十三章 风云再起	第一千一百四十四章 夜探敌营
第一千一百四十五章 火器初成	第一千一百四十六章 暗流涌动	第一千一百四十七章 收复失地	第一千一百四十八章 万民归心
第一千一百四十九章 朝堂之争	第一千一百五十章 变法图强	第一千一百五十一章 奇谋定策	第一千一百五十二章 兵临城下
第一千一百五十三章 江南烟雨	第一千一百五十四章 君臣相得	第一千一百五十五章 商路大开	第一千一百五十六章 金銮殿上
第一千一百五十七章 大宋中兴	第一千一百五十八章 书院招贤	第一千一百五十九章 铁骑南下	第一千一百六十章 初入京城
第一千一百六十一章 边关告急	第一千一百六十二章 海上丝路	第一千一百六十三章 风云再起	第一千一百六十四章 夜探敌营
第一千一百六十五章 火器初成	第一千一百六十六章 暗流涌动	第一千一百六十七章 收复失地	第一千一百六十八章 万民归心
第一千一百六十九章 朝堂之争	第一千一百七十章 变法图强	第一千一百七十一章 奇谋定策	第一千一百七十二章 兵临城下
第一千一百七十三章 江南烟雨	第一千一百七十四章 君臣相得	第一千一百七十五章 商路大开	第一千一百七十六章 金銮殿上
第一千一百七十七章 大宋中兴	第一千一百七十八章 书院招贤	第一千一百七十九章 铁骑南下	第一千一百八十章 初入京城
第一千一百八十一章 边关告急	第一千一百八十二章 海上丝路	第一千一百八十三章 风云再起	第一千一百八十四章 夜探敌营
第一千一百八十五章 火器初成	第一千一百八十六章 暗流涌动	第一千一百八十七章 收复失地	第一千一百八十八章 万民归心
第一千一百八十九章 朝堂之争	第一千一百九十章 变法图强	第一千一百九十一章 奇谋定策	第一千一百九十二章 兵临城下
第一千一百九十三章 江南烟雨	第一千一百九十四章 君臣相得	第一千一百九十五章 商路大开	第一千一百九十六章 金銮殿上
第一千一百九十七章 大宋中兴	第一千一百九十八章 书院招贤	第一千一百九十九章 铁骑南下	第一千二百章 初入京城
第一千二百零一章 边关告急	第一千二百零二章 海上丝路	第一千二百零三章 风云再起	第一千二百零四章 夜探敌营
第一千二百零五章 火器初成	第一千二百零六章 暗流涌动	第一千二百零七章 收复失地	第一千二百零八章 万民归心
第一千二百零九章 朝堂之争	第一千二百一十章 变法图强	第一千二百一十一章 奇谋定策	第一千二百一十二章 兵临城下
第一千二百一十三章 江南烟雨	第一千二百一十四章 君臣相得	第一千二百一十五章 商路大开	第一千二百一十六章 金銮殿上
第一千二百一十七章 大宋中兴	第一千二百一十八章 书院招贤	第一千二百一十九章 铁骑南下	第一千二百二十章 初入京城
第一千二百二十一章 边关告急	第一千二百二十二章 海上丝路	第一千二百二十三章 风云再起	第一千二百二十四章 夜探敌营
第一千二百二十五章 火器初成	第一千二百二十六章 暗流涌动	第一千二百二十七章 收复失地	第一千二百二十八章 万民归心
第一千二百二十九章 朝堂之争	第一千二百三十章 变法图强	第一千二百三十一章 奇谋定策	第一千二百三十二章 兵临城下
第一千二百三十三章 江南烟雨	第一千二百三十四章 君臣相得	第一千二百三十五章 商路大开	第一千二百三十六章 金銮殿上
第一千二百三十七章 大宋中兴	第一千二百三十八章 书院招贤	第一千二百三十九章 铁骑南下	第一千二百四十章 初入京城
第一千二百四十一章 边关告急	第一千二百四十二章 海上丝路	第一千二百四十三章 风云再起	第一千二百四十四章 夜探敌营
第一千二百四十五章 火器初成	第一千二百四十六章 暗流涌动	第一千二百四十七章 收复失地	第一千二百四十八章 万民归心
第一千二百四十九章 朝堂之争	第一千二百五十章 变法图强	第一千二百五十一章 奇谋定策	第一千二百五十二章 兵临城下
第一千二百五十三章 江南烟雨	第一千二百五十四章 君臣相得	第一千二百五十五章 商路大开	第一千二百五十六章 金銮殿上
第一千二百五十七章 大宋中兴	第一千二百五十八章 书院招贤	第一千二百五十九章 铁骑南下	第一千二百六十章 初入京城
第一千二百六十一章 边关告急	第一千二百六十二章 海上丝路	第一千二百六十三章 风云再起	第一千二百六十四章 夜探敌营
第一千二百六十五章 火器初成	第一千二百六十六章 暗流涌动	第一千二百六十七章 收复失地	第一千二百六十八章 万民归心
第一千二百六十九章 朝堂之争	第一千二百七十章 变法图强	第一千二百七十一章 奇谋定策	第一千二百七十二章 兵临城下
第一千二百七十三章 江南烟雨	第一千二百七十四章 君臣相得	第一千二百七十五章 商路大开	第一千二百七十六章 金銮殿上
第一千二百七十七章 大宋中兴	第一千二百七十八章 书院招贤	第一千二百七十九章 铁骑南下	第一千二百八十章 初入京城
第一千二百八十一章 边关告急	第一千二百八十二章 海上丝路	第一千二百八十三章 风云再起	第一千二百八十四章 夜探敌营
第一千二百八十五章 火器初成	第一千二百八十六章 暗流涌动	第一千二百八十七章 收复失地	第一千二百八十八章 万民归心
第一千二百八十九章 朝堂之争	第一千二百九十章 变法图强	第一千二百九十一章 奇谋定策	第一千二百九十二章 兵临城下
第一千二百九十三章 江南烟雨	第一千二百九十四章 君臣相得	第一千二百九十五章 商路大开	第一千二百九十六章 金銮殿上
第一千二百九十七章 大宋中兴	第一千二百九十八章 书院招贤	第一千二百九十九章 铁骑南下	第一千三百章 初入京城
第一千三百零一章 边关告急	第一千三百零二章 海上丝路	第一千三百零三章 风云再起	第一千三百零四章 夜探敌营
第一千三百零五章 火器初成	第一千三百零六章 暗流涌动	第一千三百零七章 收复失地	第一千三百零八章 万民归心
第一千三百零九章 朝堂之争	第一千三百一十章 变法图强	第一千三百一十一章 奇谋定策	第一千三百一十二章 兵临城下
第一千三百一十三章 江南烟雨	第一千三百一十四章 君臣相得	第一千三百一十五章 商路大开	第一千三百一十六章 金銮殿上
第一千三百一十七章 大宋中兴	第一千三百一十八章 书院招贤	第一千三百一十九章 铁骑南下	第一千三百二十章 初入京城
第一千三百二十一章 边关告急	第一千三百二十二章 海上丝路	第一千三百二十三章 风云再起	第一千三百二十四章 夜探敌营
第一千三百二十五章 火器初成	第一千三百二十六章 暗流涌动	第一千三百二十七章 收复失地	第一千三百二十八章 万民归心
第一千三百二十九章 朝堂之争	第一千三百三十章 变法图强	第一千三百三十一章 奇谋定策	第一千三百三十二章 兵临城下
第一千三百三十三章 江南烟雨	第一千三百三十四章 君臣相得	第一千三百三十五章 商路大开	第一千三百三十六章 金銮殿上
第一千三百三十七章 大宋中兴	第一千三百三十八章 书院招贤	第一千三百三十九章 铁骑南下	第一千三百四十章 初入京城
第一千三百四十一章 边关告急	第一千三百四十二章 海上丝路	第一千三百四十三章 风云再起	第一千三百四十四章 夜探敌营
第一千三百四十五章 火器初成	第一千三百四十六章 暗流涌动	第一千三百四十七章 收复失地	第一千三百四十八章 万民归心
第一千三百四十九章 朝堂之争	第一千三百五十章 变法图强	第一千三百五十一章 奇谋定策	第一千三百五十二章 兵临城下
第一千三百五十三章 江南烟雨	第一千三百五十四章 君臣相得	第一千三百五十五章 商路大开	第一千三百五十六章 金銮殿上
第一千三百五十七章 大宋中兴	第一千三百五十八章 书院招贤	第一千三百五十九章 铁骑南下	第一千三百六十章 初入京城
第一千三百六十一章 边关告急	第一千三百六十二章 海上丝路	第一千三百六十三章 风云再起	第一千三百六十四章 夜探敌营
第一千三百六十五章 火器初成	第一千三百六十六章 暗流涌动	第一千三百六十七章 收复失地	第一千三百六十八章 万民归心
第一千三百六十九章 朝堂之争	第一千三百七十章 变法图强	第一千三百七十一章 奇谋定策	第一千三百七十二章 兵临城下
第一千三百七十三章 江南烟雨	第一千三百七十四章 君臣相得	第一千三百七十五章 商路大开	第一千三百七十六章 金銮殿上
第一千三百七十七章 大宋中兴	第一千三百七十八章 书院招贤	第一千三百七十九章 铁骑南下	第一千三百八十章 初入京城
第一千三百八十一章 边关告急	第一千三百八十二章 海上丝路	第一千三百八十三章 风云再起	第一千三百八十四章 夜探敌营
第一千三百八十五章 火器初成	第一千三百八十六章 暗流涌动	第一千三百八十七章 收复失地	第一千三百八十八章 万民归心
第一千三百八十九章 朝堂之争	第一千三百九十章 变法图强	第一千三百九十一章 奇谋定策	第一千三百九十二章 兵临城下
第一千三百九十三章 江南烟雨	第一千三百九十四章 君臣相得	第一千三百九十五章 商路大开	第一千三百九十六章 金銮殿上
第一千三百九十七章 大宋中兴	第一千三百九十八章 书院招贤	第一千三百九十九章 铁骑南下	第一千四百章 初入京城
第一千四百零一章 边关告急	第一千四百零二章 海上丝路	第一千四百零三章 风云再起	第一千四百零四章 夜探敌营
第一千四百零五章 火器初成	第一千四百零六章 暗流涌动	第一千四百零七章 收复失地	第一千四百零八章 万民归心
第一千四百零九章 朝堂之争	第一千四百一十章 变法图强	第一千四百一十一章 奇谋定策	第一千四百一十二章 兵临城下
第一千四百一十三章 江南烟雨	第一千四百一十四章 君臣相得	第一千四百一十五章 商路大开	第一千四百一十六章 金銮殿上
第一千四百一十七章 大宋中兴	第一千四百一十八章 书院招贤	第一千四百一十九章 铁骑南下	第一千四百二十章 初入京城
第一千四百二十一章 边关告急	第一千四百二十二章 海上丝路	第一千四百二十三章 风云再起	第一千四百二十四章 夜探敌营
第一千四百二十五章 火器初成	第一千四百二十六章 暗流涌动	第一千四百二十七章 收复失地	第一千四百二十八章 万民归心
第一千四百二十九章 朝堂之争	第一千四百三十章 变法图强	第一千四百三十一章 奇谋定策	第一千四百三十二章 兵临城下
第一千四百三十三章 江南烟雨	第一千四百三十四章 君臣相得	第一千四百三十五章 商路大开	第一千四百三十六章 金銮殿上
第一千四百三十七章 大宋中兴	第一千四百三十八章 书院招贤	第一千四百三十九章 铁骑南下	第一千四百四十章 初入京城
第一千四百四十一章 边关告急	第一千四百四十二章 海上丝路	第一千四百四十三章 风云再起	第一千四百四十四章 夜探敌营
第一千四百四十五章 火器初成	第一千四百四十六章 暗流涌动	第一千四百四十七章 收复失地	第一千四百四十八章 万民归心
第一千四百四十九章 朝堂之争	第一千四百五十章 变法图强	第一千四百五十一章 奇谋定策	第一千四百五十二章 兵临城下
第一千四百五十三章 江南烟雨	第一千四百五十四章 君臣相得	第一千四百五十五章 商路大开	第一千四百五十六章 金銮殿上
第一千四百五十七章 大宋中兴	第一千四百五十八章 书院招贤	第一千四百五十九章 铁骑南下	第一千四百六十章 初入京城
第一千四百六十一章 边关告急	第一千四百六十二章 海上丝路	第一千四百六十三章 风云再起	第一千四百六十四章 夜探敌营
第一千四百六十五章 火器初成	第一千四百六十六章 暗流涌动	第一千四百六十七章 收复失地	第一千四百六十八章 万民归心
第一千四百六十九章 朝堂之争	第一千四百七十章 变法图强	第一千四百七十一章 奇谋定策	第一千四百七十二章 兵临城下
第一千四百七十三章 江南烟雨	第一千四百七十四章 君臣相得	第一千四百七十五章 商路大开	第一千四百七十六章 金銮殿上
第一千四百七十七章 大宋中兴	第一千四百七十八章 书院招贤	第一千四百七十九章 铁骑南下	第一千四百八十章 初入京城
第一千四百八十一章 边关告急	第一千四百八十二章 海上丝路	第一千四百八十三章 风云再起	第一千四百八十四章 夜探敌营
第一千四百八十五章 火器初成	第一千四百八十六章 暗流涌动	第一千四百八十七章 收复失地	第一千四百八十八章 万民归心
第一千四百八十九章 朝堂之争	第一千四百九十章 变法图强	第一千四百九十一章 奇谋定策	第一千四百九十二章 兵临城下
第一千四百九十三章 江南烟雨	第一千四百九十四章 君臣相得	第一千四百九十五章 商路大开	第一千四百九十六章 金銮殿上
第一千四百九十七章 大宋中兴	第一千四百九十八章 书院招贤	第一千四百九十九章 铁骑南下	第一千五百章 初入京城
第一千五百零一章 边关告急	第一千五百零二章 海上丝路	第一千五百零三章 风云再起	第一千五百零四章 夜探敌营
第一千五百零五章 火器初成	第一千五百零六章 暗流涌动	第一千五百零七章 收复失地	第一千五百零八章 万民归心
第一千五百零九章 朝堂之争	第一千五百一十章 变法图强	第一千五百一十一章 奇谋定策	第一千五百一十二章 兵临城下
第一千五百一十三章 江南烟雨	第一千五百一十四章 君臣相得	第一千五百一十五章 商路大开	第一千五百一十六章 金銮殿上
第一千五百一十七章 大宋中兴	第一千五百一十八章 书院招贤	第一千五百一十九章 铁骑南下	第一千五百二十章 初入京城
第一千五百二十一章 边关告急	第一千五百二十二章 海上丝路	第一千五百二十三章 风云再起	第一千五百二十四章 夜探敌营
第一千五百二十五章 火器初成	第一千五百二十六章 暗流涌动	第一千五百二十七章 收复失地	第一千五百二十八章 万民归心
第一千五百二十九章 朝堂之争	第一千五百三十章 变法图强	第一千五百三十一章 奇谋定策	第一千五百三十二章 兵临城下
第一千五百三十三章 江南烟雨	第一千五百三十四章 君臣相得	第一千五百三十五章 商路大开	第一千五百三十六章 金銮殿上
第一千五百三十七章 大宋中兴	第一千五百三十八章 书院招贤	第一千五百三十九章 铁骑南下	第一千五百四十章 初入京城
第一千五百四十一章 边关告急	第一千五百四十二章 海上丝路	第一千五百四十三章 风云再起	第一千五百四十四章 夜探敌营
第一千五百四十五章 火器初成	第一千五百四十六章 暗流涌动	第一千五百四十七章 收复失地	第一千五百四十八章 万民归心
第一千五百四十九章 朝堂之争	第一千五百五十章 变法图强	第一千五百五十一章 奇谋定策	第一千五百五十二章 兵临城下
第一千五百五十三章 江南烟雨	第一千五百五十四章 君臣相得	第一千五百五十五章 商路大开	第一千五百五十六章 金銮殿上
第一千五百五十七章 大宋中兴	第一千五百五十八章 书院招贤	第一千五百五十九章 铁骑南下	第一千五百六十章 初入京城
第一千五百六十一章 边关告急	第一千五百六十二章 海上丝路	第一千五百六十三章 风云再起	第一千五百六十四章 夜探敌营
第一千五百六十五章 火器初成	第一千五百六十六章 暗流涌动	第一千五百六十七章 收复失地	第一千五百六十八章 万民归心
第一千五百六十九章 朝堂之争	第一千五百七十章 变法图强	第一千五百七十一章 奇谋定策	第一千五百七十二章 兵临城下
第一千五百七十三章 江南烟雨	第一千五百七十四章 君臣相得	第一千五百七十五章 商路大开	第一千五百七十六章 金銮殿上
第一千五百七十七章 大宋中兴	第一千五百七十八章 书院招贤	第一千五百七十九章 铁骑南下	第一千五百八十章 初入京城
第一千五百八十一章 边关告急	第一千五百八十二章 海上丝路	第一千五百八十三章 风云再起	第一千五百八十四章 夜探敌营
第一千五百八十五章 火器初成	第一千五百八十六章 暗流涌动	第一千五百八十七章 收复失地	第一千五百八十八章 万民归心
第一千五百八十九章 朝堂之争	第一千五百九十章 变法图强	第一千五百九十一章 奇谋定策	第一千五百九十二章 兵临城下
第一千五百九十三章 江南烟雨	第一千五百九十四章 君臣相得	第一千五百九十五章 商路大开	第一千五百九十六章 金銮殿上
第一千五百九十七章 大宋中兴	第一千五百九十八章 书院招贤	第一千五百九十九章 铁骑南下	第一千六百章 初入京城
第一千六百零一章 边关告急	第一千六百零二章 海上丝路	第一千六百零三章 风云再起	第一千六百零四章 夜探敌营
第一千六百零五章 火器初成	第一千六百零六章 暗流涌动	第一千六百零七章 收复失地	第一千六百零八章 万民归心
第一千六百零九章 朝堂之争	第一千六百一十章 变法图强	第一千六百一十一章 奇谋定策	第一千六百一十二章 兵临城下
第一千六百一十三章 江南烟雨	第一千六百一十四章 君臣相得	第一千六百一十五章 商路大开	第一千六百一十六章 金銮殿上
第一千六百一十七章 大宋中兴	第一千六百一十八章 书院招贤	第一千六百一十九章 铁骑南下	第一千六百二十章 初入京城
第一千六百二十一章 边关告急	第一千六百二十二章 海上丝路	第一千六百二十三章 风云再起	第一千六百二十四章 夜探敌营
第一千六百二十五章 火器初成	第一千六百二十六章 暗流涌动	第一千六百二十七章 收复失地	第一千六百二十八章 万民归心
第一千六百二十九章 朝堂之争	第一千六百三十章 变法图强	第一千六百三十一章 奇谋定策	第一千六百三十二章 兵临城下
第一千六百三十三章 江南烟雨	第一千六百三十四章 君臣相得	第一千六百三十五章 商路大开	第一千六百三十六章 金銮殿上
第一千六百三十七章 大宋中兴	第一千六百三十八章 书院招贤	第一千六百三十九章 铁骑南下	第一千六百四十章 初入京城
第一千六百四十一章 边关告急	第一千六百四十二章 海上丝路	第一千六百四十三章 风云再起	第一千六百四十四章 夜探敌营
第一千六百四十五章 火器初成	第一千六百四十六章 暗流涌动	第一千六百四十七章 收复失地	第一千六百四十八章 万民归心
第一千六百四十九章 朝堂之争	第一千六百五十章 变法图强	第一千六百五十一章 奇谋定策	第一千六百五十二章 兵临城下
第一千六百五十三章 江南烟雨	第一千六百五十四章 君臣相得	第一千六百五十五章 商路大开	第一千六百五十六章 金銮殿上
第一千六百五十七章 大宋中兴	第一千六百五十八章 书院招贤	第一千六百五十九章 铁骑南下	第一千六百六十章 初入京城
第一千六百六十一章 边关告急	第一千六百六十二章 海上丝路	第一千六百六十三章 风云再起	第一千六百六十四章 夜探敌营
第一千六百六十五章 火器初成	第一千六百六十六章 暗流涌动	第一千六百六十七章 收复失地	第一千六百六十八章 万民归心
第一千六百六十九章 朝堂之争	第一千六百七十章 变法图强	第一千六百七十一章 奇谋定策	第一千六百七十二章 兵临城下
第一千六百七十三章 江南烟雨	第一千六百七十四章 君臣相得	第一千六百七十五章 商路大开	第一千六百七十六章 金銮殿上
第一千六百七十七章 大宋中兴	第一千六百七十八章 书院招贤	第一千六百七十九章 铁骑南下	第一千六百八十章 初入京城
第一千六百八十一章 边关告急	第一千六百八十二章 海上丝路	第一千六百八十三章 风云再起	第一千六百八十四章 夜探敌营
第一千六百八十五章 火器初成	第一千六百八十六章 暗流涌动	第一千六百八十七章 收复失地	第一千六百八十八章 万民归心
第一千六百八十九章 朝堂之争	第一千六百九十章 变法图强	第一千六百九十一章 奇谋定策	第一千六百九十二章 兵临城下
第一千六百九十三章 江南烟雨	第一千六百九十四章 君臣相得	第一千六百九十五章 商路大开	第一千六百九十六章 金銮殿上
第一千六百九十七章 大宋中兴	第一千六百九十八章 书院招贤	第一千六百九十九章 铁骑南下	第一千七百章 初入京城
第一千七百零一章 边关告急	第一千七百零二章 海上丝路	第一千七百零三章 风云再起	第一千七百零四章 夜探敌营
第一千七百零五章 火器初成	第一千七百零六章 暗流涌动	第一千七百零七章 收复失地	第一千七百零八章 万民归心
第一千七百零九章 朝堂之争	第一千七百一十章 变法图强	第一千七百一十一章 奇谋定策	第一千七百一十二章 兵临城下
第一千七百一十三章 江南烟雨	第一千七百一十四章 君臣相得	第一千七百一十五章 商路大开	第一千七百一十六章 金銮殿上
第一千七百一十七章 大宋中兴	第一千七百一十八章 书院招贤	第一千七百一十九章 铁骑南下	第一千七百二十章 初入京城
第一千七百二十一章 边关告急	第一千七百二十二章 海上丝路	第一千七百二十三章 风云再起	第一千七百二十四章 夜探敌营
第一千七百二十五章 火器初成	第一千七百二十六章 暗流涌动	第一千七百二十七章 收复失地	第一千七百二十八章 万民归心
第一千七百二十九章 朝堂之争	第一千七百三十章 变法图强	第一千七百三十一章 奇谋定策	第一千七百三十二章 兵临城下
第一千七百三十三章 江南烟雨	第一千七百三十四章 君臣相得	第一千七百三十五章 商路大开	第一千七百三十六章 金銮殿上
第一千七百三十七章 大宋中兴	第一千七百三十八章 书院招贤	第一千七百三十九章 铁骑南下	第一千七百四十章 初入京城
第一千七百四十一章 边关告急	第一千七百四十二章 海上丝路	第一千七百四十三章 风云再起	第一千七百四十四章 夜探敌营
第一千七百四十五章 火器初成	第一千七百四十六章 暗流涌动	第一千七百四十七章 收复失地	第一千七百四十八章 万民归心
第一千七百四十九章 朝堂之争	第一千七百五十章 变法图强	第一千七百五十一章 奇谋定策	第一千七百五十二章 兵临城下
第一千七百五十三章 江南烟雨	第一千七百五十四章 君臣相得	第一千七百五十五章 商路大开	第一千七百五十六章 金銮殿上
第一千七百五十七章 大宋中兴	第一千七百五十八章 书院招贤	第一千七百五十九章 铁骑南下	第一千七百六十章 初入京城
第一千七百六十一章 边关告急	第一千七百六十二章 海上丝路	第一千七百六十三章 风云再起	第一千七百六十四章 夜探敌营
第一千七百六十五章 火器初成	第一千七百六十六章 暗流涌动	第一千七百六十七章 收复失地	第一千七百六十八章 万民归心
第一千七百六十九章 朝堂之争	第一千七百七十章 变法图强	第一千七百七十一章 奇谋定策	第一千七百七十二章 兵临城下
第一千七百七十三章 江南烟雨	第一千七百七十四章 君臣相得	第一千七百七十五章 商路大开	第一千七百七十六章 金銮殿上
第一千七百七十七章 大宋中兴	第一千七百七十八章 书院招贤	第一千七百七十九章 铁骑南下	第一千七百八十章 初入京城
第一千七百八十一章 边关告急	第一千七百八十二章 海上丝路	第一千七百八十三章 风云再起	第一千七百八十四章 夜探敌营
第一千七百八十五章 火器初成	第一千七百八十六章 暗流涌动	第一千七百八十七章 收复失地	第一千七百八十八章 万民归心
第一千七百八十九章 朝堂之争	第一千七百九十章 变法图强	第一千七百九十一章 奇谋定策	第一千七百九十二章 兵临城下
第一千七百九十三章 江南烟雨	第一千七百九十四章 君臣相得	第一千七百九十五章 商路大开	第一千七百九十六章 金銮殿上
第一千七百九十七章 大宋中兴	第一千七百九十八章 书院招贤	第一千七百九十九章 铁骑南下	第一千八百章 初入京城
第一千八百零一章 边关告急	第一千八百零二章 海上丝路	第一千八百零三章 风云再起	第一千八百零四章 夜探敌营
第一千八百零五章 火器初成	第一千八百零六章 暗流涌动	第一千八百零七章 收复失地	第一千八百零八章 万民归心
第一千八百零九章 朝堂之争	第一千八百一十章 变法图强	第一千八百一十一章 奇谋定策	第一千八百一十二章 兵临城下
第一千八百一十三章 江南烟雨	第一千八百一十四章 君臣相得	第一千八百一十五章 商路大开	第一千八百一十六章 金銮殿上
第一千八百一十七章 大宋中兴	第一千八百一十八章 书院招贤	第一千八百一十九章 铁骑南下	第一千八百二十章 初入京城
第一千八百二十一章 边关告急	第一千八百二十二章 海上丝路	第一千八百二十三章 风云再起	第一千八百二十四章 夜探敌营
第一千八百二十五章 火器初成	第一千八百二十六章 暗流涌动	第一千八百二十七章 收复失地	第一千八百二十八章 万民归心
第一千八百二十九章 朝堂之争	第一千八百三十章 变法图强	第一千八百三十一章 奇谋定策	第一千八百三十二章 兵临城下
第一千八百三十三章 江南烟雨	第一千八百三十四章 君臣相得	第一千八百三十五章 商路大开	第一千八百三十六章 金銮殿上
第一千八百三十七章 大宋中兴	第一千八百三十八章 书院招贤	第一千八百三十九章 铁骑南下	第一千八百四十章 初入京城
第一千八百四十一章 边关告急	第一千八百四十二章 海上丝路	第一千八百四十三章 风云再起	第一千八百四十四章 夜探敌营
第一千八百四十五章 火器初成	第一千八百四十六章 暗流涌动	第一千八百四十七章 收复失地	第一千八百四十八章 万民归心
第一千八百四十九章 朝堂之争	第一千八百五十章 变法图强	第一千八百五十一章 奇谋定策	第一千八百五十二章 兵临城下
第一千八百五十三章 江南烟雨	第一千八百五十四章 君臣相得	第一千八百五十五章 商路大开	第一千八百五十六章 金銮殿上
第一千八百五十七章 大宋中兴	第一千八百五十八章 书院招贤	第一千八百五十九章 铁骑南下	第一千八百六十章 初入京城
第一千八百六十一章 边关告急	第一千八百六十二章 海上丝路	第一千八百六十三章 风云再起	第一千八百六十四章 夜探敌营
第一千八百六十五章 火器初成	第一千八百六十六章 暗流涌动	第一千八百六十七章 收复失地	第一千八百六十八章 万民归心
